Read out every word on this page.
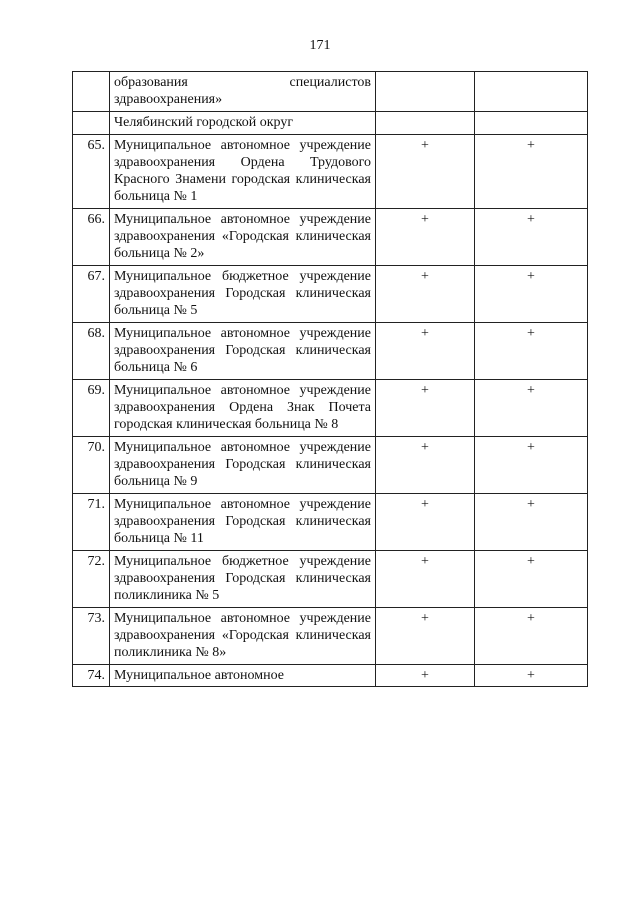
171
	образования специалистов здравоохранения»		
	Челябинский городской округ		
65.	Муниципальное автономное учреждение здравоохранения Ордена Трудового Красного Знамени городская клиническая больница № 1	+	+
66.	Муниципальное автономное учреждение здравоохранения «Городская клиническая больница № 2»	+	+
67.	Муниципальное бюджетное учреждение здравоохранения Городская клиническая больница № 5	+	+
68.	Муниципальное автономное учреждение здравоохранения Городская клиническая больница № 6	+	+
69.	Муниципальное автономное учреждение здравоохранения Ордена Знак Почета городская клиническая больница № 8	+	+
70.	Муниципальное автономное учреждение здравоохранения Городская клиническая больница № 9	+	+
71.	Муниципальное автономное учреждение здравоохранения Городская клиническая больница № 11	+	+
72.	Муниципальное бюджетное учреждение здравоохранения Городская клиническая поликлиника № 5	+	+
73.	Муниципальное автономное учреждение здравоохранения «Городская клиническая поликлиника № 8»	+	+
74.	Муниципальное автономное	+	+
